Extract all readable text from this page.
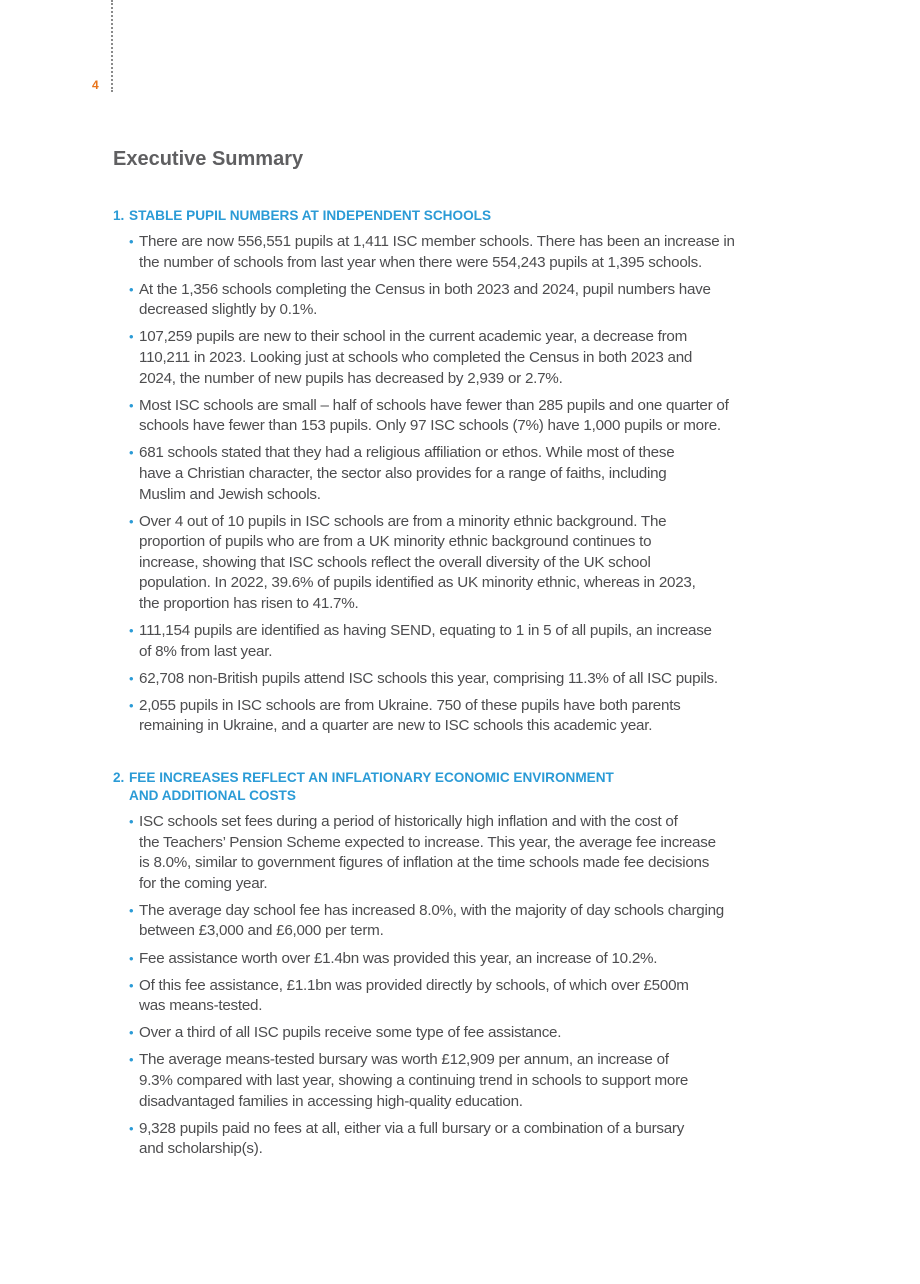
4
Executive Summary
1. STABLE PUPIL NUMBERS AT INDEPENDENT SCHOOLS
• There are now 556,551 pupils at 1,411 ISC member schools. There has been an increase in
the number of schools from last year when there were 554,243 pupils at 1,395 schools.
• At the 1,356 schools completing the Census in both 2023 and 2024, pupil numbers have
decreased slightly by 0.1%.
• 107,259 pupils are new to their school in the current academic year, a decrease from
110,211 in 2023. Looking just at schools who completed the Census in both 2023 and
2024, the number of new pupils has decreased by 2,939 or 2.7%.
• Most ISC schools are small – half of schools have fewer than 285 pupils and one quarter of
schools have fewer than 153 pupils. Only 97 ISC schools (7%) have 1,000 pupils or more.
• 681 schools stated that they had a religious affiliation or ethos. While most of these
have a Christian character, the sector also provides for a range of faiths, including
Muslim and Jewish schools.
• Over 4 out of 10 pupils in ISC schools are from a minority ethnic background. The
proportion of pupils who are from a UK minority ethnic background continues to
increase, showing that ISC schools reflect the overall diversity of the UK school
population. In 2022, 39.6% of pupils identified as UK minority ethnic, whereas in 2023,
the proportion has risen to 41.7%.
• 111,154 pupils are identified as having SEND, equating to 1 in 5 of all pupils, an increase
of 8% from last year.
• 62,708 non-British pupils attend ISC schools this year, comprising 11.3% of all ISC pupils.
• 2,055 pupils in ISC schools are from Ukraine. 750 of these pupils have both parents
remaining in Ukraine, and a quarter are new to ISC schools this academic year.
2. FEE INCREASES REFLECT AN INFLATIONARY ECONOMIC ENVIRONMENT
AND ADDITIONAL COSTS
• ISC schools set fees during a period of historically high inflation and with the cost of
the Teachers’ Pension Scheme expected to increase. This year, the average fee increase
is 8.0%, similar to government figures of inflation at the time schools made fee decisions
for the coming year.
• The average day school fee has increased 8.0%, with the majority of day schools charging
between £3,000 and £6,000 per term.
• Fee assistance worth over £1.4bn was provided this year, an increase of 10.2%.
• Of this fee assistance, £1.1bn was provided directly by schools, of which over £500m
was means-tested.
• Over a third of all ISC pupils receive some type of fee assistance.
• The average means-tested bursary was worth £12,909 per annum, an increase of
9.3% compared with last year, showing a continuing trend in schools to support more
disadvantaged families in accessing high-quality education.
• 9,328 pupils paid no fees at all, either via a full bursary or a combination of a bursary
and scholarship(s).
